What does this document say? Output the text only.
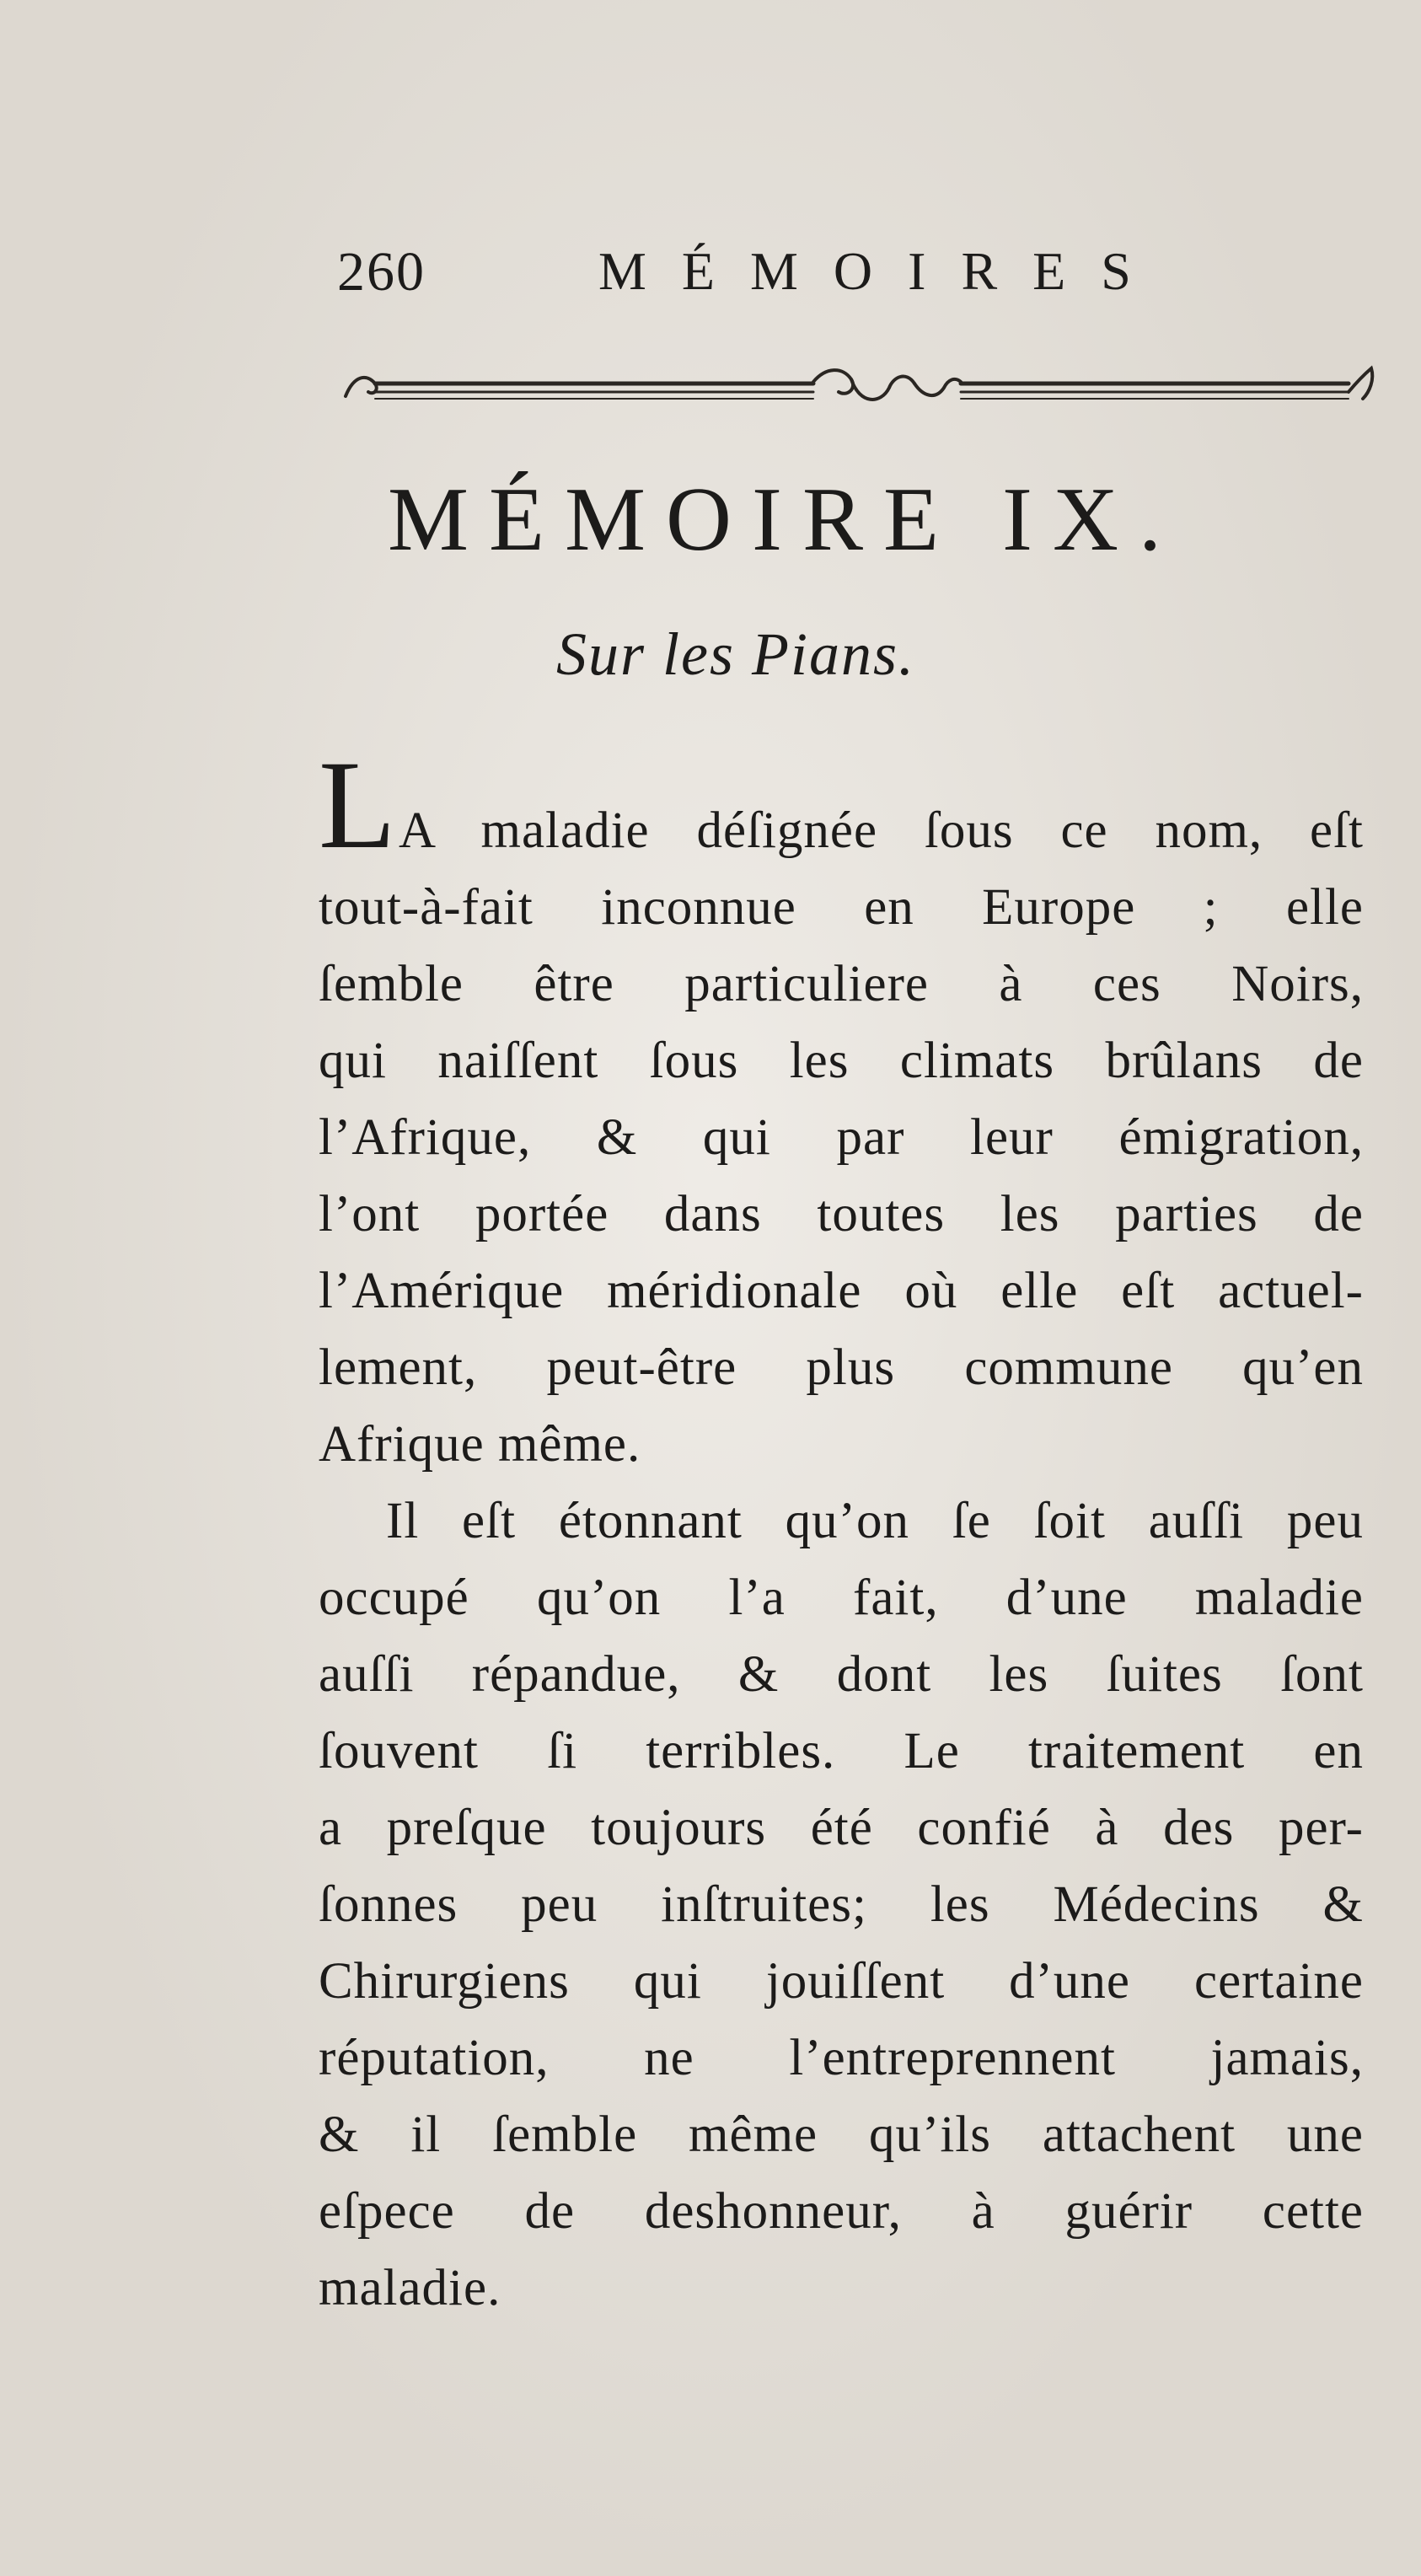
260	MÉMOIRES
MÉMOIRE IX.
Sur les Pians.
L A maladie déſignée ſous ce nom, eſt
tout-à-fait inconnue en Europe ; elle
ſemble être particuliere à ces Noirs,
qui naiſſent ſous les climats brûlans de
l’Afrique, & qui par leur émigration,
l’ont portée dans toutes les parties de
l’Amérique méridionale où elle eſt actuel-
lement, peut-être plus commune qu’en
Afrique même.
Il eſt étonnant qu’on ſe ſoit auſſi peu
occupé qu’on l’a fait, d’une maladie
auſſi répandue, & dont les ſuites ſont
ſouvent ſi terribles. Le traitement en
a preſque toujours été confié à des per-
ſonnes peu inſtruites; les Médecins &
Chirurgiens qui jouiſſent d’une certaine
réputation, ne l’entreprennent jamais,
& il ſemble même qu’ils attachent une
eſpece de deshonneur, à guérir cette
maladie.
